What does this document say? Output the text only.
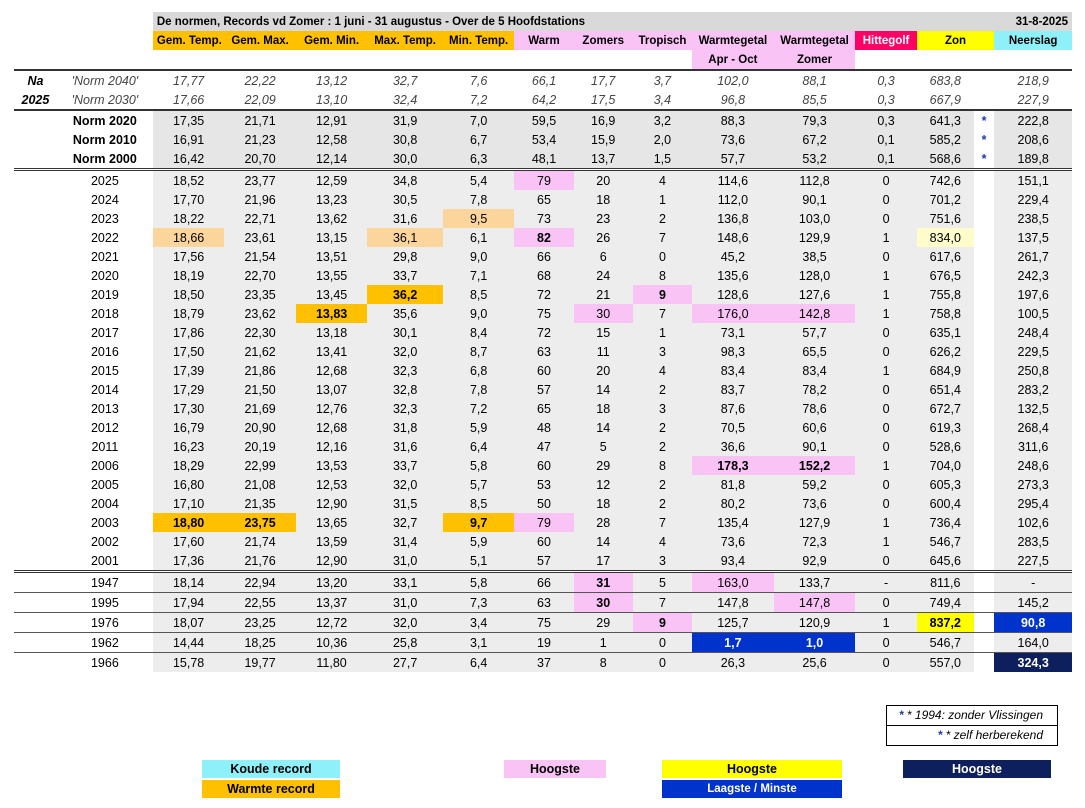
		De normen, Records vd Zomer : 1 juni - 31 augustus - Over de 5 Hoofdstations												31-8-2025	
		Gem. Temp.	Gem. Max.	Gem. Min.	Max. Temp.	Min. Temp.	Warm	Zomers	Tropisch	Warmtegetal	Warmtegetal	Hittegolf	Zon		Neerslag
										Apr - Oct	Zomer				
Na	'Norm 2040'	17,77	22,22	13,12	32,7	7,6	66,1	17,7	3,7	102,0	88,1	0,3	683,8		218,9
2025	'Norm 2030'	17,66	22,09	13,10	32,4	7,2	64,2	17,5	3,4	96,8	85,5	0,3	667,9		227,9
	Norm 2020	17,35	21,71	12,91	31,9	7,0	59,5	16,9	3,2	88,3	79,3	0,3	641,3	*	222,8
	Norm 2010	16,91	21,23	12,58	30,8	6,7	53,4	15,9	2,0	73,6	67,2	0,1	585,2	*	208,6
	Norm 2000	16,42	20,70	12,14	30,0	6,3	48,1	13,7	1,5	57,7	53,2	0,1	568,6	*	189,8
	2025	18,52	23,77	12,59	34,8	5,4	79	20	4	114,6	112,8	0	742,6		151,1
	2024	17,70	21,96	13,23	30,5	7,8	65	18	1	112,0	90,1	0	701,2		229,4
	2023	18,22	22,71	13,62	31,6	9,5	73	23	2	136,8	103,0	0	751,6		238,5
	2022	18,66	23,61	13,15	36,1	6,1	82	26	7	148,6	129,9	1	834,0		137,5
	2021	17,56	21,54	13,51	29,8	9,0	66	6	0	45,2	38,5	0	617,6		261,7
	2020	18,19	22,70	13,55	33,7	7,1	68	24	8	135,6	128,0	1	676,5		242,3
	2019	18,50	23,35	13,45	36,2	8,5	72	21	9	128,6	127,6	1	755,8		197,6
	2018	18,79	23,62	13,83	35,6	9,0	75	30	7	176,0	142,8	1	758,8		100,5
	2017	17,86	22,30	13,18	30,1	8,4	72	15	1	73,1	57,7	0	635,1		248,4
	2016	17,50	21,62	13,41	32,0	8,7	63	11	3	98,3	65,5	0	626,2		229,5
	2015	17,39	21,86	12,68	32,3	6,8	60	20	4	83,4	83,4	1	684,9		250,8
	2014	17,29	21,50	13,07	32,8	7,8	57	14	2	83,7	78,2	0	651,4		283,2
	2013	17,30	21,69	12,76	32,3	7,2	65	18	3	87,6	78,6	0	672,7		132,5
	2012	16,79	20,90	12,68	31,8	5,9	48	14	2	70,5	60,6	0	619,3		268,4
	2011	16,23	20,19	12,16	31,6	6,4	47	5	2	36,6	90,1	0	528,6		311,6
	2006	18,29	22,99	13,53	33,7	5,8	60	29	8	178,3	152,2	1	704,0		248,6
	2005	16,80	21,08	12,53	32,0	5,7	53	12	2	81,8	59,2	0	605,3		273,3
	2004	17,10	21,35	12,90	31,5	8,5	50	18	2	80,2	73,6	0	600,4		295,4
	2003	18,80	23,75	13,65	32,7	9,7	79	28	7	135,4	127,9	1	736,4		102,6
	2002	17,60	21,74	13,59	31,4	5,9	60	14	4	73,6	72,3	1	546,7		283,5
	2001	17,36	21,76	12,90	31,0	5,1	57	17	3	93,4	92,9	0	645,6		227,5
	1947	18,14	22,94	13,20	33,1	5,8	66	31	5	163,0	133,7	-	811,6		-
	1995	17,94	22,55	13,37	31,0	7,3	63	30	7	147,8	147,8	0	749,4		145,2
	1976	18,07	23,25	12,72	32,0	3,4	75	29	9	125,7	120,9	1	837,2		90,8
	1962	14,44	18,25	10,36	25,8	3,1	19	1	0	1,7	1,0	0	546,7		164,0
	1966	15,78	19,77	11,80	27,7	6,4	37	8	0	26,3	25,6	0	557,0		324,3
* * 1994: zonder Vlissingen
* * zelf herberekend
Koude record
Warmte record
Hoogste	Hoogste
Laagste / Minste
Hoogste
